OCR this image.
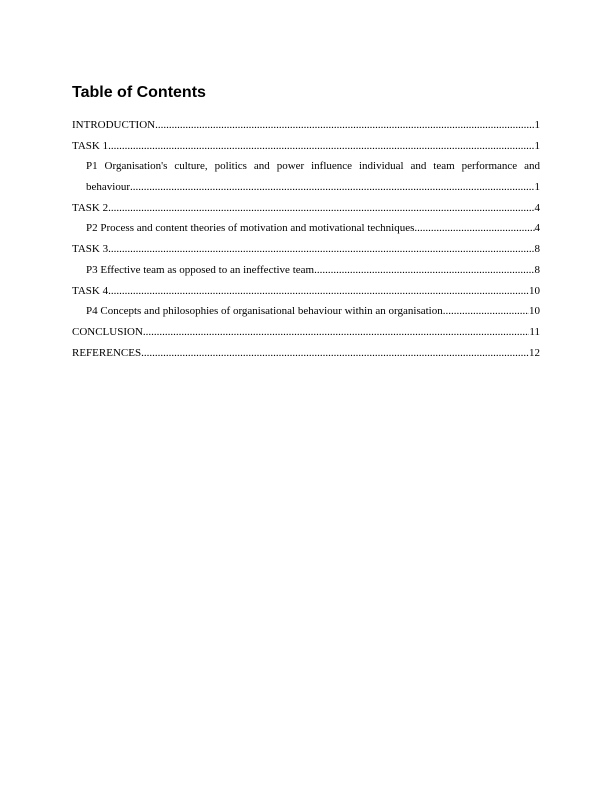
Table of Contents
INTRODUCTION .....	1
TASK 1 .....	1
P1 Organisation's culture, politics and power influence individual and team performance and
behaviour .....	1
TASK 2 .....	4
P2 Process and content theories of motivation and motivational techniques .....	4
TASK 3 .....	8
P3 Effective team as opposed to an ineffective team .....	8
TASK 4 .....	10
P4 Concepts and philosophies of organisational behaviour within an organisation .....	10
CONCLUSION .....	11
REFERENCES .....	12
